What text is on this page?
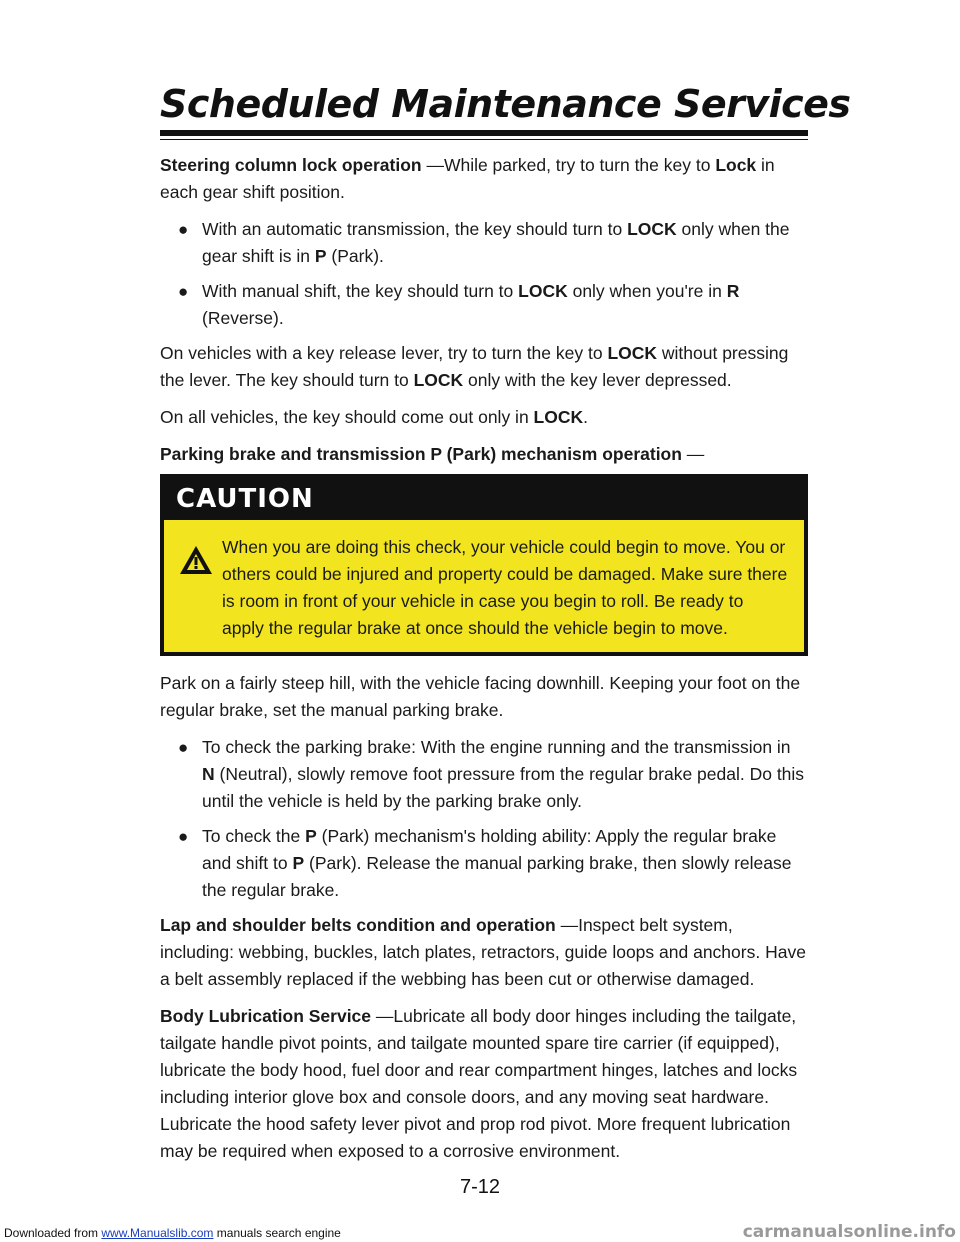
Scheduled Maintenance Services

Steering column lock operation —While parked, try to turn the key to Lock in each gear shift position.

● With an automatic transmission, the key should turn to LOCK only when the gear shift is in P (Park).
● With manual shift, the key should turn to LOCK only when you're in R (Reverse).

On vehicles with a key release lever, try to turn the key to LOCK without pressing the lever. The key should turn to LOCK only with the key lever depressed.

On all vehicles, the key should come out only in LOCK.

Parking brake and transmission P (Park) mechanism operation —

CAUTION
When you are doing this check, your vehicle could begin to move. You or others could be injured and property could be damaged. Make sure there is room in front of your vehicle in case you begin to roll. Be ready to apply the regular brake at once should the vehicle begin to move.

Park on a fairly steep hill, with the vehicle facing downhill. Keeping your foot on the regular brake, set the manual parking brake.

● To check the parking brake: With the engine running and the transmission in N (Neutral), slowly remove foot pressure from the regular brake pedal. Do this until the vehicle is held by the parking brake only.
● To check the P (Park) mechanism's holding ability: Apply the regular brake and shift to P (Park). Release the manual parking brake, then slowly release the regular brake.

Lap and shoulder belts condition and operation —Inspect belt system, including: webbing, buckles, latch plates, retractors, guide loops and anchors. Have a belt assembly replaced if the webbing has been cut or otherwise damaged.

Body Lubrication Service —Lubricate all body door hinges including the tailgate, tailgate handle pivot points, and tailgate mounted spare tire carrier (if equipped), lubricate the body hood, fuel door and rear compartment hinges, latches and locks including interior glove box and console doors, and any moving seat hardware. Lubricate the hood safety lever pivot and prop rod pivot. More frequent lubrication may be required when exposed to a corrosive environment.

7-12
Downloaded from www.Manualslib.com manuals search engine	carmanualsonline.info
